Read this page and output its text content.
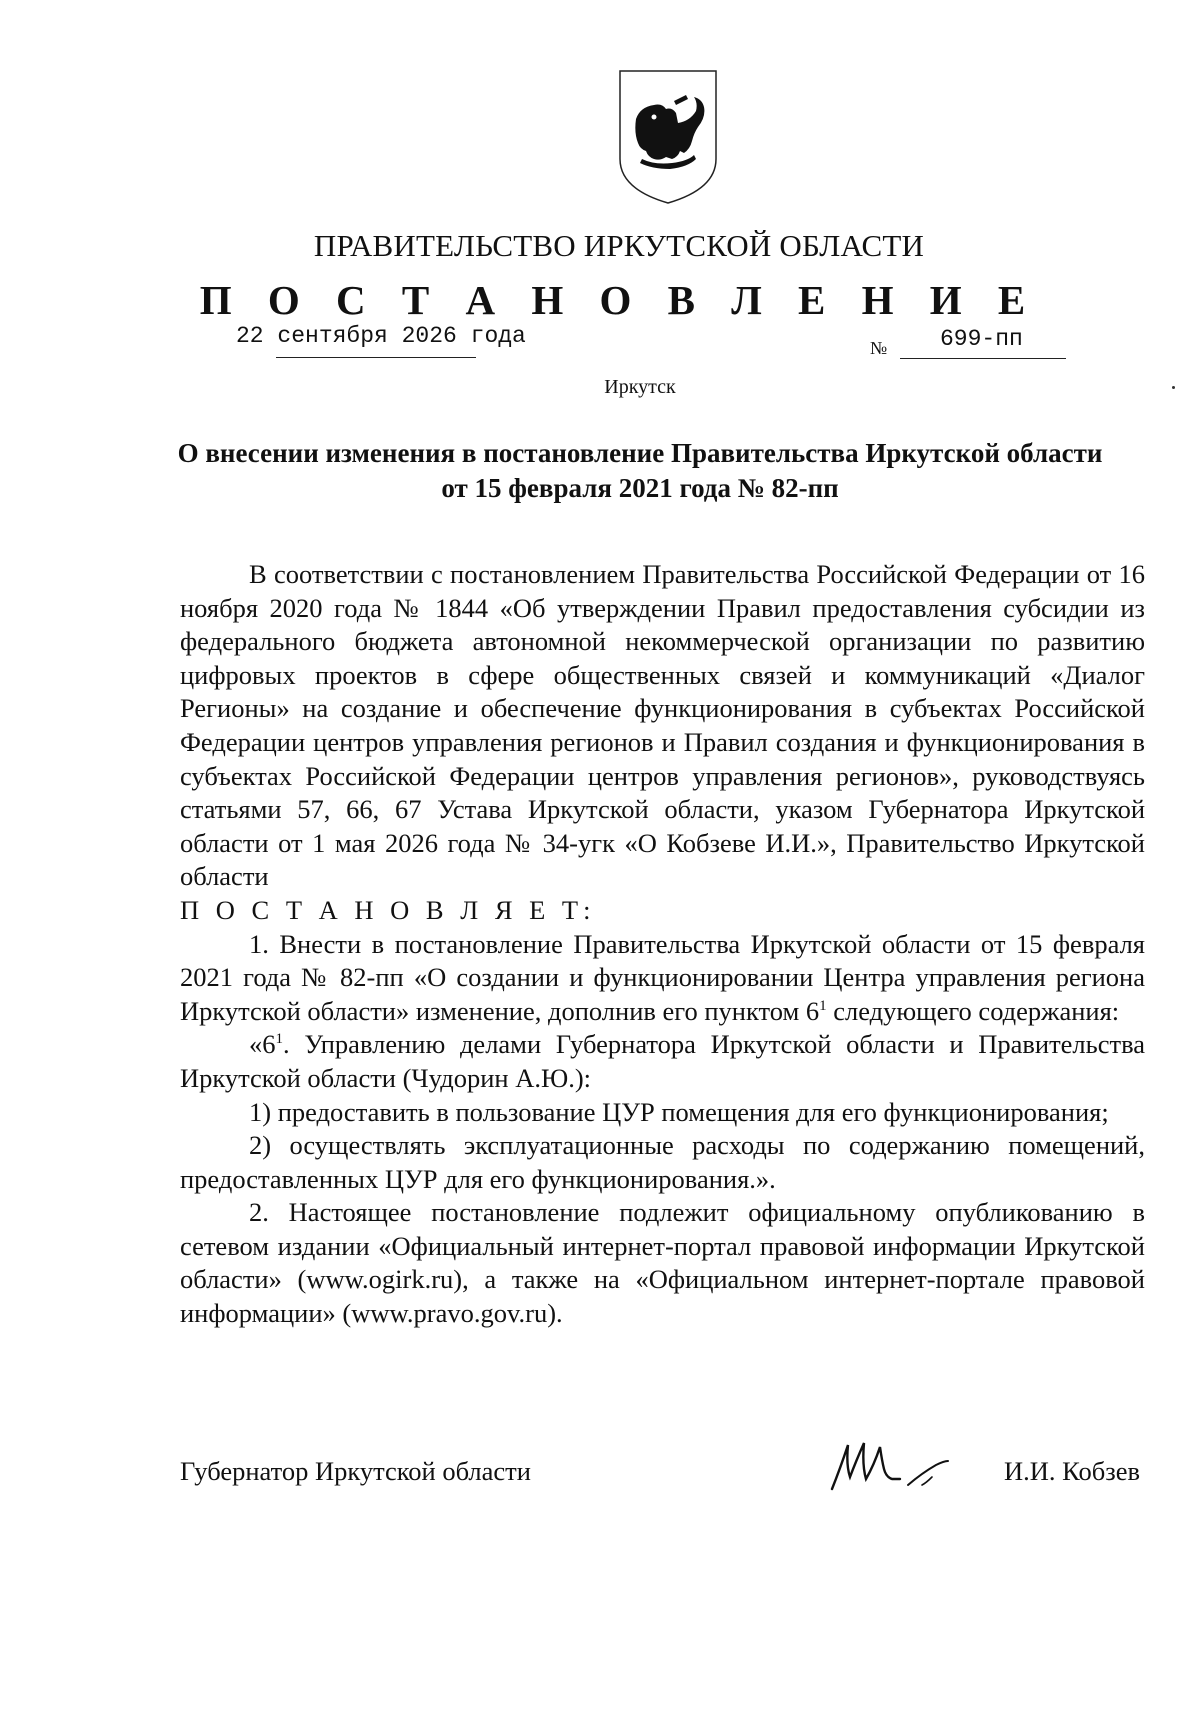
ПРАВИТЕЛЬСТВО ИРКУТСКОЙ ОБЛАСТИ
П О С Т А Н О В Л Е Н И Е
22 сентября 2026 года	№ 699-пп
Иркутск
О внесении изменения в постановление Правительства Иркутской области
от 15 февраля 2021 года № 82-пп

В соответствии с постановлением Правительства Российской Федерации от 16 ноября 2020 года № 1844 «Об утверждении Правил предоставления субсидии из федерального бюджета автономной некоммерческой организации по развитию цифровых проектов в сфере общественных связей и коммуникаций «Диалог Регионы» на создание и обеспечение функционирования в субъектах Российской Федерации центров управления регионов и Правил создания и функционирования в субъектах Российской Федерации центров управления регионов», руководствуясь статьями 57, 66, 67 Устава Иркутской области, указом Губернатора Иркутской области от 1 мая 2026 года № 34-угк «О Кобзеве И.И.», Правительство Иркутской области

П О С Т А Н О В Л Я Е Т:

1. Внести в постановление Правительства Иркутской области от 15 февраля 2021 года № 82-пп «О создании и функционировании Центра управления региона Иркутской области» изменение, дополнив его пунктом $6^1$ следующего содержания:

«$6^1$. Управлению делами Губернатора Иркутской области и Правительства Иркутской области (Чудорин А.Ю.):

1) предоставить в пользование ЦУР помещения для его функционирования;

2) осуществлять эксплуатационные расходы по содержанию помещений, предоставленных ЦУР для его функционирования.».

2. Настоящее постановление подлежит официальному опубликованию в сетевом издании «Официальный интернет-портал правовой информации Иркутской области» (www.ogirk.ru), а также на «Официальном интернет-портале правовой информации» (www.pravo.gov.ru).

Губернатор Иркутской области	И.И. Кобзев
